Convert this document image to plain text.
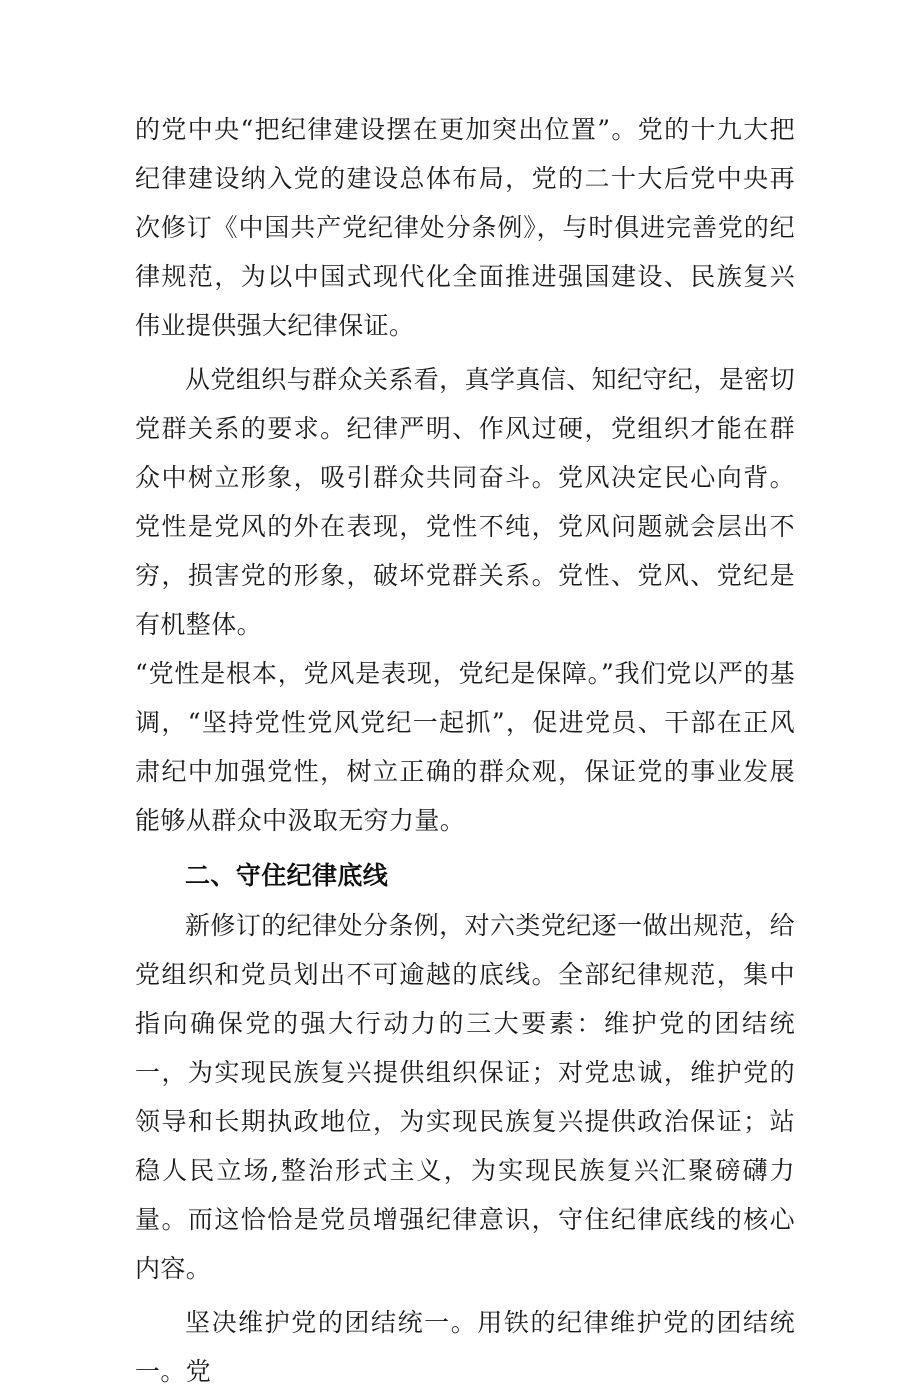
的党中央“把纪律建设摆在更加突出位置”。党的十九大把纪律建设纳入党的建设总体布局，党的二十大后党中央再次修订《中国共产党纪律处分条例》，与时俱进完善党的纪律规范，为以中国式现代化全面推进强国建设、民族复兴伟业提供强大纪律保证。

从党组织与群众关系看，真学真信、知纪守纪，是密切党群关系的要求。纪律严明、作风过硬，党组织才能在群众中树立形象，吸引群众共同奋斗。党风决定民心向背。党性是党风的外在表现，党性不纯，党风问题就会层出不穷，损害党的形象，破坏党群关系。党性、党风、党纪是有机整体。

“党性是根本，党风是表现，党纪是保障。”我们党以严的基调，“坚持党性党风党纪一起抓”，促进党员、干部在正风肃纪中加强党性，树立正确的群众观，保证党的事业发展能够从群众中汲取无穷力量。

二、守住纪律底线

新修订的纪律处分条例，对六类党纪逐一做出规范，给党组织和党员划出不可逾越的底线。全部纪律规范，集中指向确保党的强大行动力的三大要素：维护党的团结统一，为实现民族复兴提供组织保证；对党忠诚，维护党的领导和长期执政地位，为实现民族复兴提供政治保证；站稳人民立场,整治形式主义，为实现民族复兴汇聚磅礴力量。而这恰恰是党员增强纪律意识，守住纪律底线的核心内容。

坚决维护党的团结统一。用铁的纪律维护党的团结统一。党
